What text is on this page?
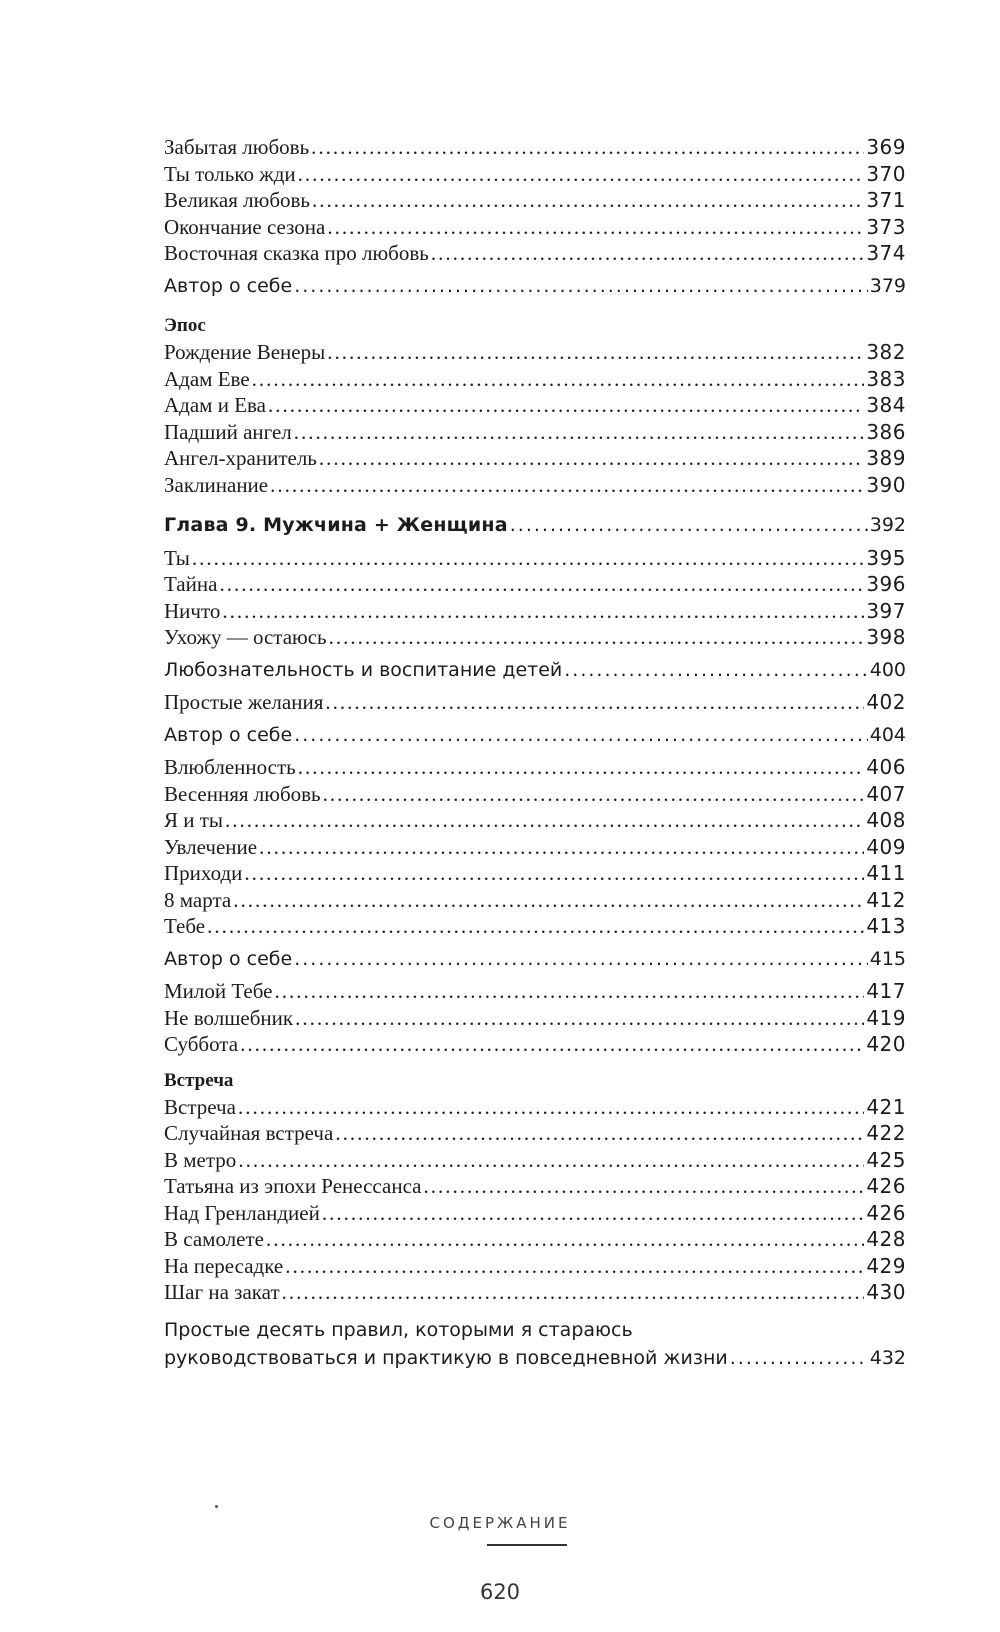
Забытая любовь .....	369
Ты только жди .....	370
Великая любовь .....	371
Окончание сезона .....	373
Восточная сказка про любовь .....	374
Автор о себе .....	379
Эпос
Рождение Венеры .....	382
Адам Еве .....	383
Адам и Ева .....	384
Падший ангел .....	386
Ангел-хранитель .....	389
Заклинание .....	390
Глава 9. Мужчина + Женщина .....	392
Ты .....	395
Тайна .....	396
Ничто .....	397
Ухожу — остаюсь .....	398
Любознательность и воспитание детей .....	400
Простые желания .....	402
Автор о себе .....	404
Влюбленность .....	406
Весенняя любовь .....	407
Я и ты .....	408
Увлечение .....	409
Приходи .....	411
8 марта .....	412
Тебе .....	413
Автор о себе .....	415
Милой Тебе .....	417
Не волшебник .....	419
Суббота .....	420
Встреча
Встреча .....	421
Случайная встреча .....	422
В метро .....	425
Татьяна из эпохи Ренессанса .....	426
Над Гренландией .....	426
В самолете .....	428
На пересадке .....	429
Шаг на закат .....	430
Простые десять правил, которыми я стараюсь
руководствоваться и практикую в повседневной жизни .....	432
СОДЕРЖАНИЕ
620
